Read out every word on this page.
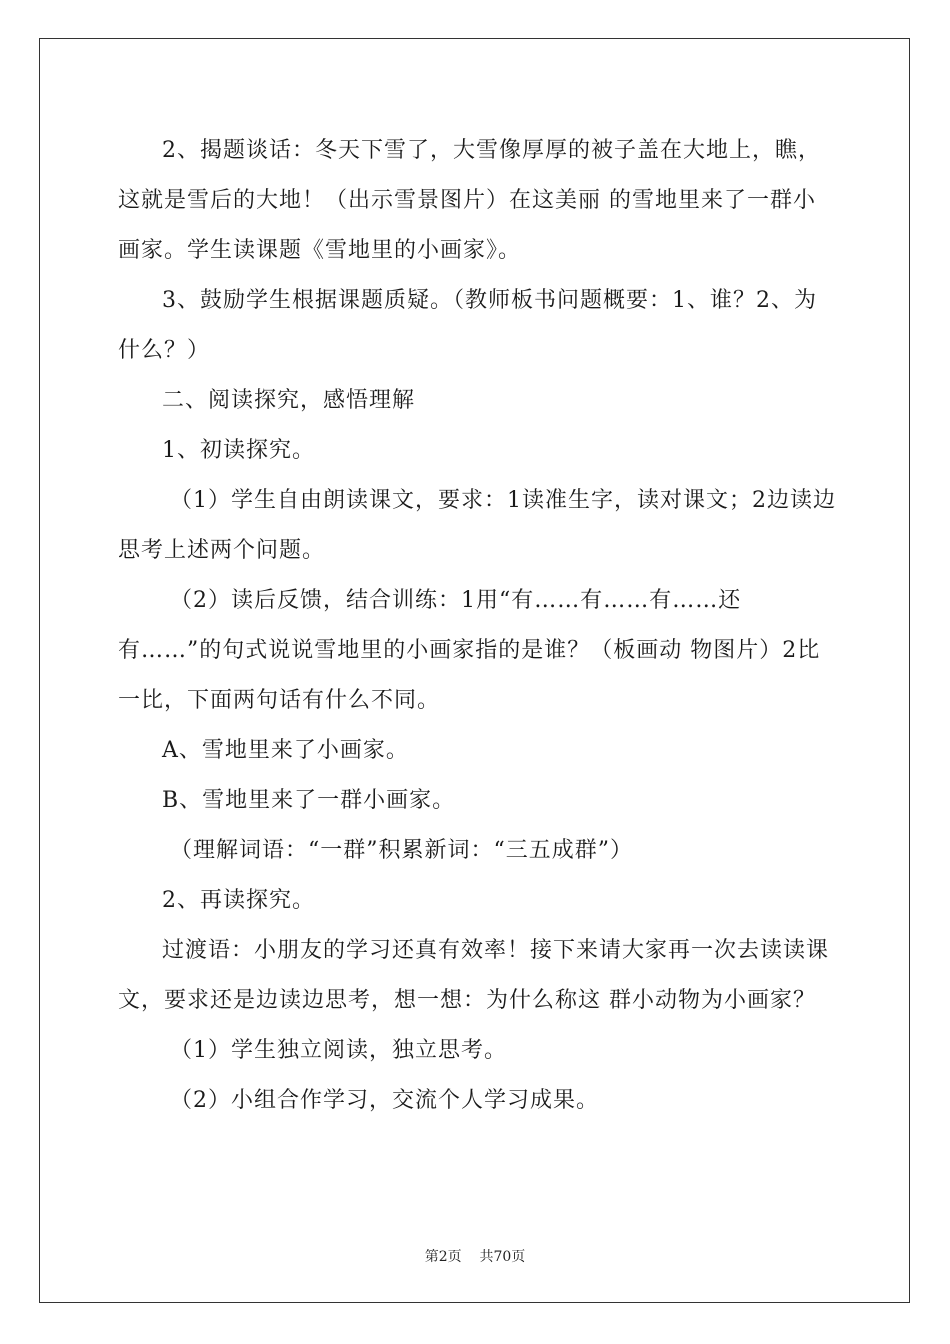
2、揭题谈话：冬天下雪了，大雪像厚厚的被子盖在大地上，瞧，这就是雪后的大地！（出示雪景图片）在这美丽 的雪地里来了一群小画家。学生读课题《雪地里的小画家》。

3、鼓励学生根据课题质疑。（教师板书问题概要：1、谁？2、为什么？）

二、阅读探究，感悟理解

1、初读探究。

（1）学生自由朗读课文，要求：1读准生字，读对课文；2边读边思考上述两个问题。

（2）读后反馈，结合训练：1用“有……有……有……还有……”的句式说说雪地里的小画家指的是谁？（板画动 物图片）2比一比，下面两句话有什么不同。

A、雪地里来了小画家。

B、雪地里来了一群小画家。

（理解词语：“一群”积累新词：“三五成群”）

2、再读探究。

过渡语：小朋友的学习还真有效率！接下来请大家再一次去读读课文，要求还是边读边思考，想一想：为什么称这 群小动物为小画家？

（1）学生独立阅读，独立思考。

（2）小组合作学习，交流个人学习成果。

第2页 共70页
